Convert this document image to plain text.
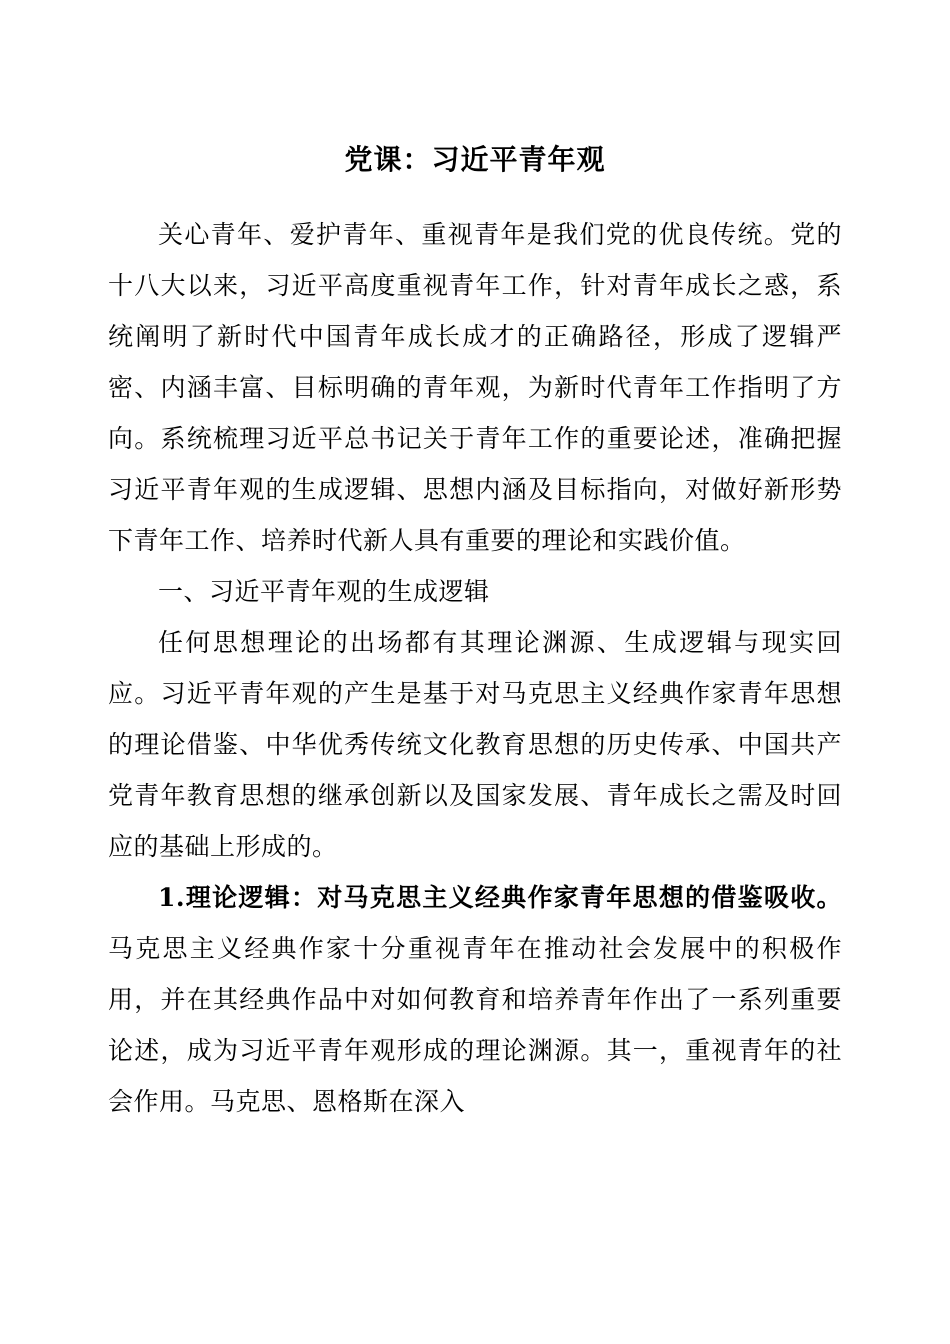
党课：习近平青年观

关心青年、爱护青年、重视青年是我们党的优良传统。党的十八大以来，习近平高度重视青年工作，针对青年成长之惑，系统阐明了新时代中国青年成长成才的正确路径，形成了逻辑严密、内涵丰富、目标明确的青年观，为新时代青年工作指明了方向。系统梳理习近平总书记关于青年工作的重要论述，准确把握习近平青年观的生成逻辑、思想内涵及目标指向，对做好新形势下青年工作、培养时代新人具有重要的理论和实践价值。

一、习近平青年观的生成逻辑

任何思想理论的出场都有其理论渊源、生成逻辑与现实回应。习近平青年观的产生是基于对马克思主义经典作家青年思想的理论借鉴、中华优秀传统文化教育思想的历史传承、中国共产党青年教育思想的继承创新以及国家发展、青年成长之需及时回应的基础上形成的。

1.理论逻辑：对马克思主义经典作家青年思想的借鉴吸收。马克思主义经典作家十分重视青年在推动社会发展中的积极作用，并在其经典作品中对如何教育和培养青年作出了一系列重要论述，成为习近平青年观形成的理论渊源。其一，重视青年的社会作用。马克思、恩格斯在深入
